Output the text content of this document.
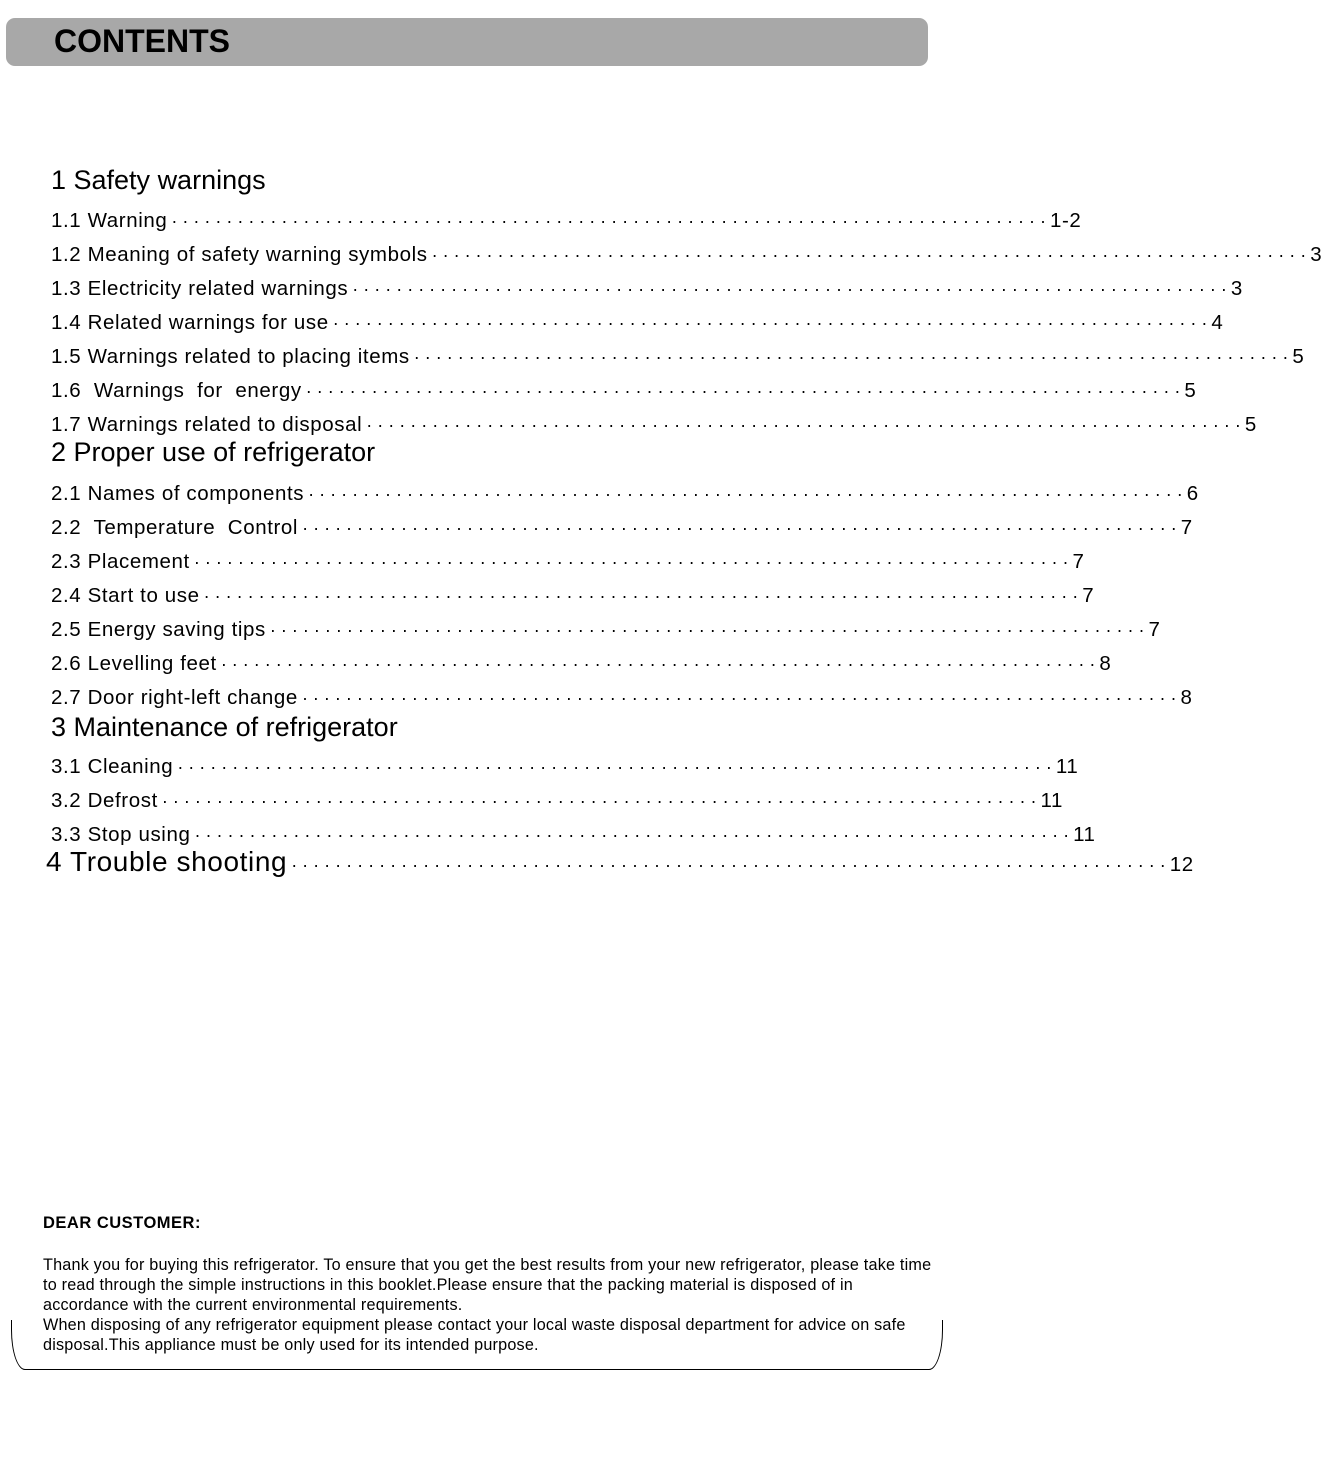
CONTENTS
1 Safety warnings
1.1 Warning · · · · · · · · · · · · · · · · · · · · · · · · · · · · · · · · · · · · · · · · · · · · · · · · · · · · · · · · · · · · · · · · · · · · · · · · · · · · · · · · 1-2
1.2 Meaning of safety warning symbols · · · · · · · · · · · · · · · · · · · · · · · · · · · · · · · · · · · · · · · · · · · · · · · · · · · · · · · · · · · · · · · · · · · · · · · · · · · · · · · · 3
1.3 Electricity related warnings · · · · · · · · · · · · · · · · · · · · · · · · · · · · · · · · · · · · · · · · · · · · · · · · · · · · · · · · · · · · · · · · · · · · · · · · · · · · · · · · 3
1.4 Related warnings for use · · · · · · · · · · · · · · · · · · · · · · · · · · · · · · · · · · · · · · · · · · · · · · · · · · · · · · · · · · · · · · · · · · · · · · · · · · · · · · · · 4
1.5 Warnings related to placing items · · · · · · · · · · · · · · · · · · · · · · · · · · · · · · · · · · · · · · · · · · · · · · · · · · · · · · · · · · · · · · · · · · · · · · · · · · · · · · · · 5
1.6  Warnings  for  energy · · · · · · · · · · · · · · · · · · · · · · · · · · · · · · · · · · · · · · · · · · · · · · · · · · · · · · · · · · · · · · · · · · · · · · · · · · · · · · · · 5
1.7 Warnings related to disposal · · · · · · · · · · · · · · · · · · · · · · · · · · · · · · · · · · · · · · · · · · · · · · · · · · · · · · · · · · · · · · · · · · · · · · · · · · · · · · · · 5
2 Proper use of refrigerator
2.1 Names of components · · · · · · · · · · · · · · · · · · · · · · · · · · · · · · · · · · · · · · · · · · · · · · · · · · · · · · · · · · · · · · · · · · · · · · · · · · · · · · · · 6
2.2  Temperature  Control · · · · · · · · · · · · · · · · · · · · · · · · · · · · · · · · · · · · · · · · · · · · · · · · · · · · · · · · · · · · · · · · · · · · · · · · · · · · · · · · 7
2.3 Placement · · · · · · · · · · · · · · · · · · · · · · · · · · · · · · · · · · · · · · · · · · · · · · · · · · · · · · · · · · · · · · · · · · · · · · · · · · · · · · · · 7
2.4 Start to use · · · · · · · · · · · · · · · · · · · · · · · · · · · · · · · · · · · · · · · · · · · · · · · · · · · · · · · · · · · · · · · · · · · · · · · · · · · · · · · · 7
2.5 Energy saving tips · · · · · · · · · · · · · · · · · · · · · · · · · · · · · · · · · · · · · · · · · · · · · · · · · · · · · · · · · · · · · · · · · · · · · · · · · · · · · · · · 7
2.6 Levelling feet · · · · · · · · · · · · · · · · · · · · · · · · · · · · · · · · · · · · · · · · · · · · · · · · · · · · · · · · · · · · · · · · · · · · · · · · · · · · · · · · 8
2.7 Door right-left change · · · · · · · · · · · · · · · · · · · · · · · · · · · · · · · · · · · · · · · · · · · · · · · · · · · · · · · · · · · · · · · · · · · · · · · · · · · · · · · · 8
3 Maintenance of refrigerator
3.1 Cleaning · · · · · · · · · · · · · · · · · · · · · · · · · · · · · · · · · · · · · · · · · · · · · · · · · · · · · · · · · · · · · · · · · · · · · · · · · · · · · · · · 11
3.2 Defrost · · · · · · · · · · · · · · · · · · · · · · · · · · · · · · · · · · · · · · · · · · · · · · · · · · · · · · · · · · · · · · · · · · · · · · · · · · · · · · · · 11
3.3 Stop using · · · · · · · · · · · · · · · · · · · · · · · · · · · · · · · · · · · · · · · · · · · · · · · · · · · · · · · · · · · · · · · · · · · · · · · · · · · · · · · · 11
4 Trouble shooting · · · · · · · · · · · · · · · · · · · · · · · · · · · · · · · · · · · · · · · · · · · · · · · · · · · · · · · · · · · · · · · · · · · · · · · · · · · · · · · · 12
DEAR CUSTOMER:

Thank you for buying this refrigerator. To ensure that you get the best results from your new refrigerator, please take time to read through the simple instructions in this booklet.Please ensure that the packing material is disposed of in accordance with the current environmental requirements.

When disposing of any refrigerator equipment please contact your local waste disposal department for advice on safe disposal.This appliance must be only used for its intended purpose.
